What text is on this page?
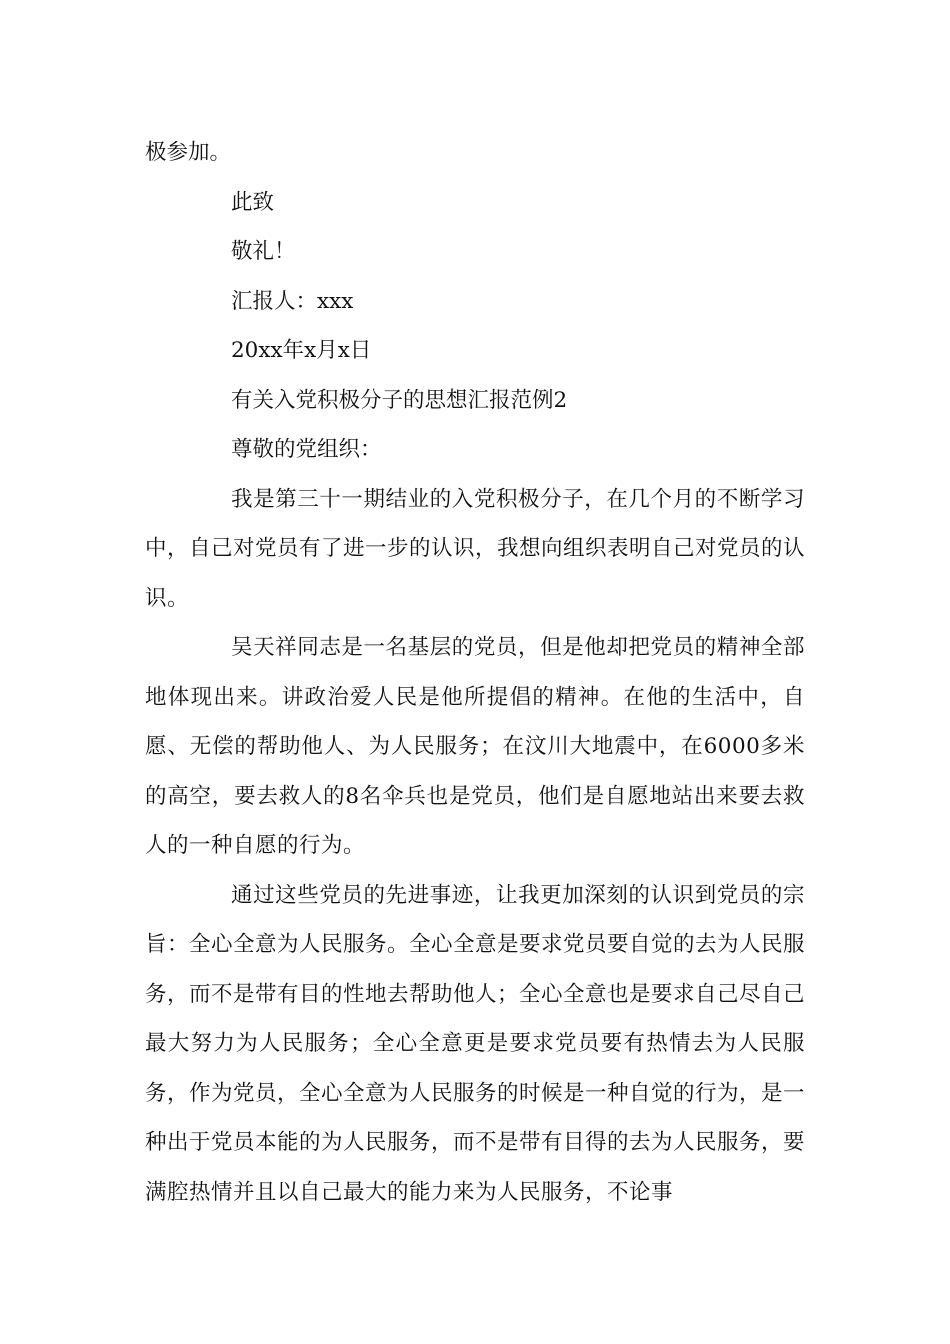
极参加。

此致

敬礼！

汇报人：xxx

20xx年x月x日

有关入党积极分子的思想汇报范例2

尊敬的党组织：

我是第三十一期结业的入党积极分子，在几个月的不断学习中，自己对党员有了进一步的认识，我想向组织表明自己对党员的认识。

吴天祥同志是一名基层的党员，但是他却把党员的精神全部地体现出来。讲政治爱人民是他所提倡的精神。在他的生活中，自愿、无偿的帮助他人、为人民服务；在汶川大地震中，在6000多米的高空，要去救人的8名伞兵也是党员，他们是自愿地站出来要去救人的一种自愿的行为。

通过这些党员的先进事迹，让我更加深刻的认识到党员的宗旨：全心全意为人民服务。全心全意是要求党员要自觉的去为人民服务，而不是带有目的性地去帮助他人；全心全意也是要求自己尽自己最大努力为人民服务；全心全意更是要求党员要有热情去为人民服务，作为党员，全心全意为人民服务的时候是一种自觉的行为，是一种出于党员本能的为人民服务，而不是带有目得的去为人民服务，要满腔热情并且以自己最大的能力来为人民服务，不论事
